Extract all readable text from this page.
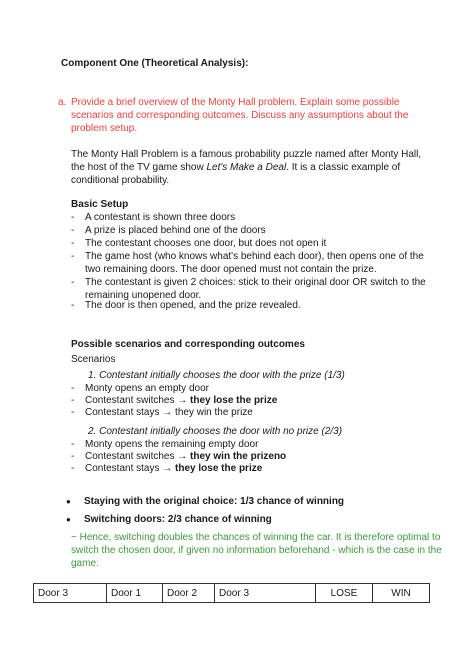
Component One (Theoretical Analysis):
a. Provide a brief overview of the Monty Hall problem. Explain some possible
scenarios and corresponding outcomes. Discuss any assumptions about the
problem setup.
The Monty Hall Problem is a famous probability puzzle named after Monty Hall,
the host of the TV game show Let's Make a Deal. It is a classic example of
conditional probability.
Basic Setup
- A contestant is shown three doors
- A prize is placed behind one of the doors
- The contestant chooses one door, but does not open it
- The game host (who knows what's behind each door), then opens one of the
two remaining doors. The door opened must not contain the prize.
- The contestant is given 2 choices: stick to their original door OR switch to the
remaining unopened door.
- The door is then opened, and the prize revealed.
Possible scenarios and corresponding outcomes
Scenarios
1. Contestant initially chooses the door with the prize (1/3)
- Monty opens an empty door
- Contestant switches → they lose the prize
- Contestant stays → they win the prize
2. Contestant initially chooses the door with no prize (2/3)
- Monty opens the remaining empty door
- Contestant switches → they win the prizeno
- Contestant stays → they lose the prize
● Staying with the original choice: 1/3 chance of winning
● Switching doors: 2/3 chance of winning
~ Hence, switching doubles the chances of winning the car. It is therefore optimal to
switch the chosen door, if given no information beforehand - which is the case in the
game.
Door 3	Door 1	Door 2	Door 3	LOSE	WIN
